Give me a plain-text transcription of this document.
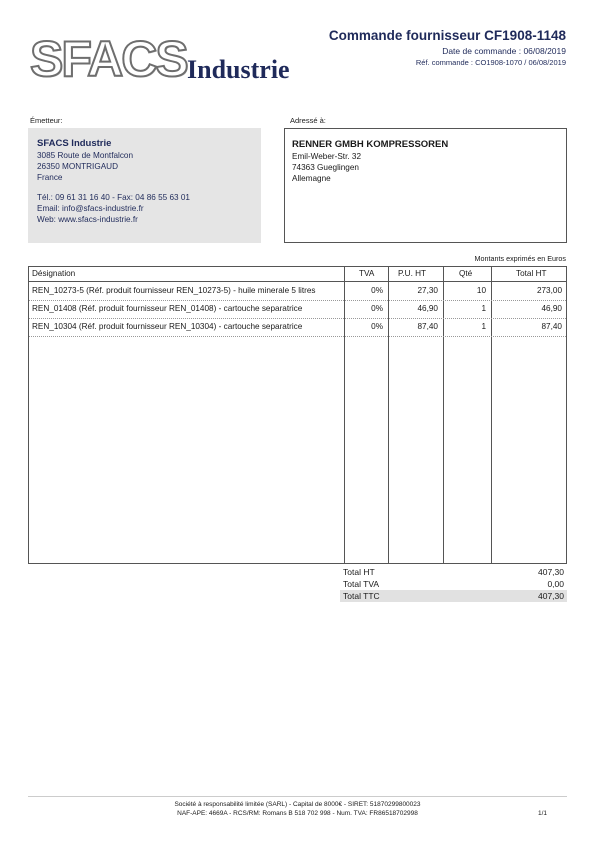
SFACS Industrie
Commande fournisseur CF1908-1148
Date de commande : 06/08/2019
Réf. commande : CO1908-1070 / 06/08/2019
Émetteur:
SFACS Industrie
3085 Route de Montfalcon
26350 MONTRIGAUD
France
Tél.: 09 61 31 16 40 - Fax: 04 86 55 63 01
Email: info@sfacs-industrie.fr
Web: www.sfacs-industrie.fr
Adressé à:
RENNER GMBH KOMPRESSOREN
Emil-Weber-Str. 32
74363 Gueglingen
Allemagne
Montants exprimés en Euros
Désignation	TVA	P.U. HT	Qté	Total HT
REN_10273-5 (Réf. produit fournisseur REN_10273-5) - huile minerale 5 litres	0%	27,30	10	273,00
REN_01408 (Réf. produit fournisseur REN_01408) - cartouche separatrice	0%	46,90	1	46,90
REN_10304 (Réf. produit fournisseur REN_10304) - cartouche separatrice	0%	87,40	1	87,40
Total HT	407,30
Total TVA	0,00
Total TTC	407,30
Société à responsabilité limitée (SARL) - Capital de 8000€ - SIRET: 51870299800023
NAF-APE: 4669A - RCS/RM: Romans B 518 702 998 - Num. TVA: FR86518702998	1/1
